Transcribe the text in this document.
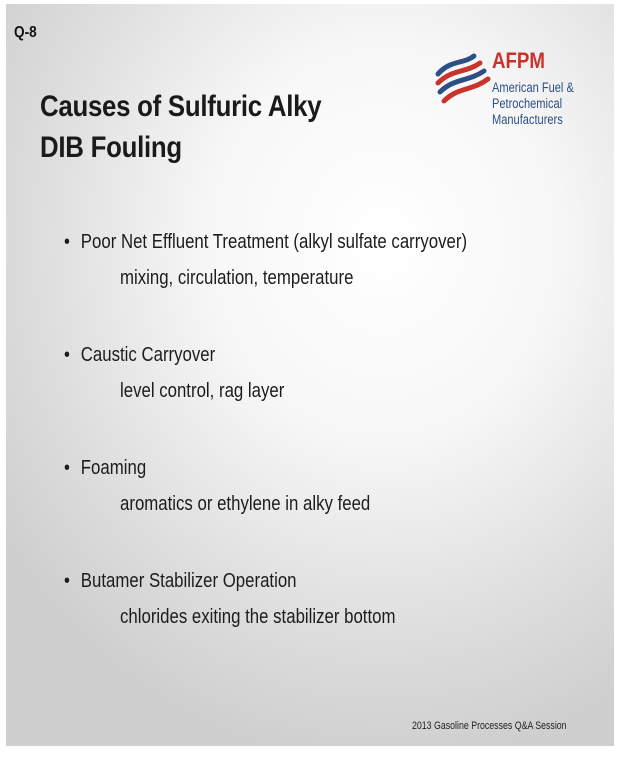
Q-8
Causes of Sulfuric Alky DIB Fouling
AFPM
American Fuel & Petrochemical Manufacturers
• Poor Net Effluent Treatment (alkyl sulfate carryover)
mixing, circulation, temperature
• Caustic Carryover
level control, rag layer
• Foaming
aromatics or ethylene in alky feed
• Butamer Stabilizer Operation
chlorides exiting the stabilizer bottom
2013 Gasoline Processes Q&A Session
